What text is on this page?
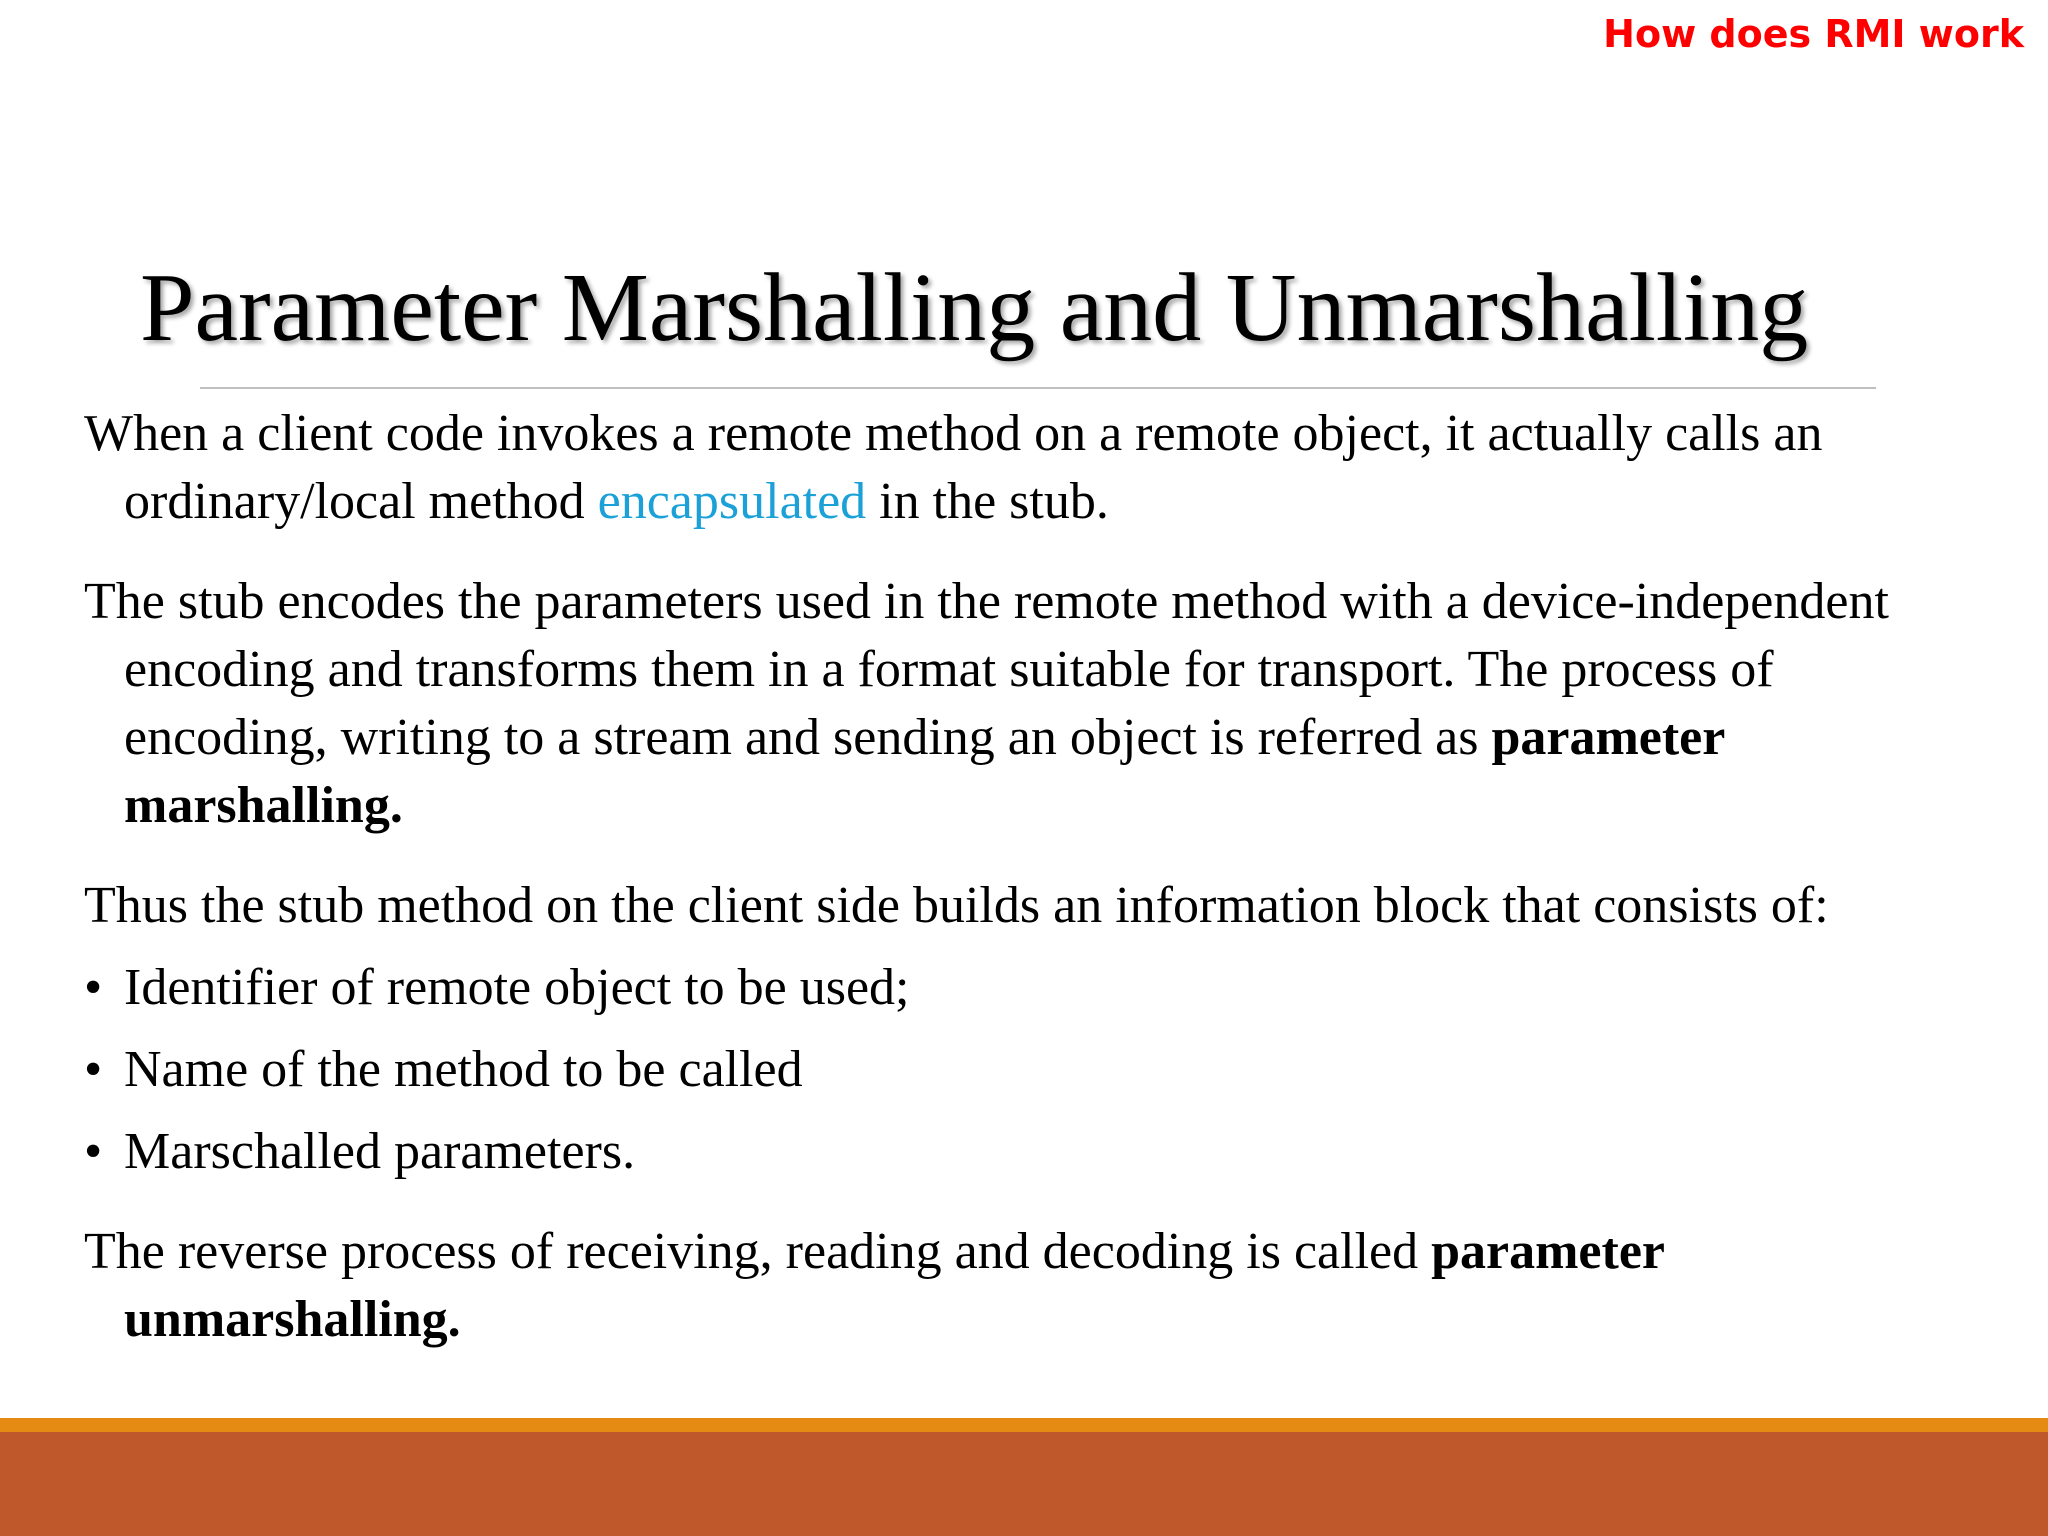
How does RMI work
Parameter Marshalling and Unmarshalling

When a client code invokes a remote method on a remote object, it actually calls an ordinary/local method encapsulated in the stub.

The stub encodes the parameters used in the remote method with a device-independent encoding and transforms them in a format suitable for transport. The process of encoding, writing to a stream and sending an object is referred as parameter marshalling.

Thus the stub method on the client side builds an information block that consists of:

• Identifier of remote object to be used;
• Name of the method to be called
• Marschalled parameters.

The reverse process of receiving, reading and decoding is called parameter unmarshalling.
